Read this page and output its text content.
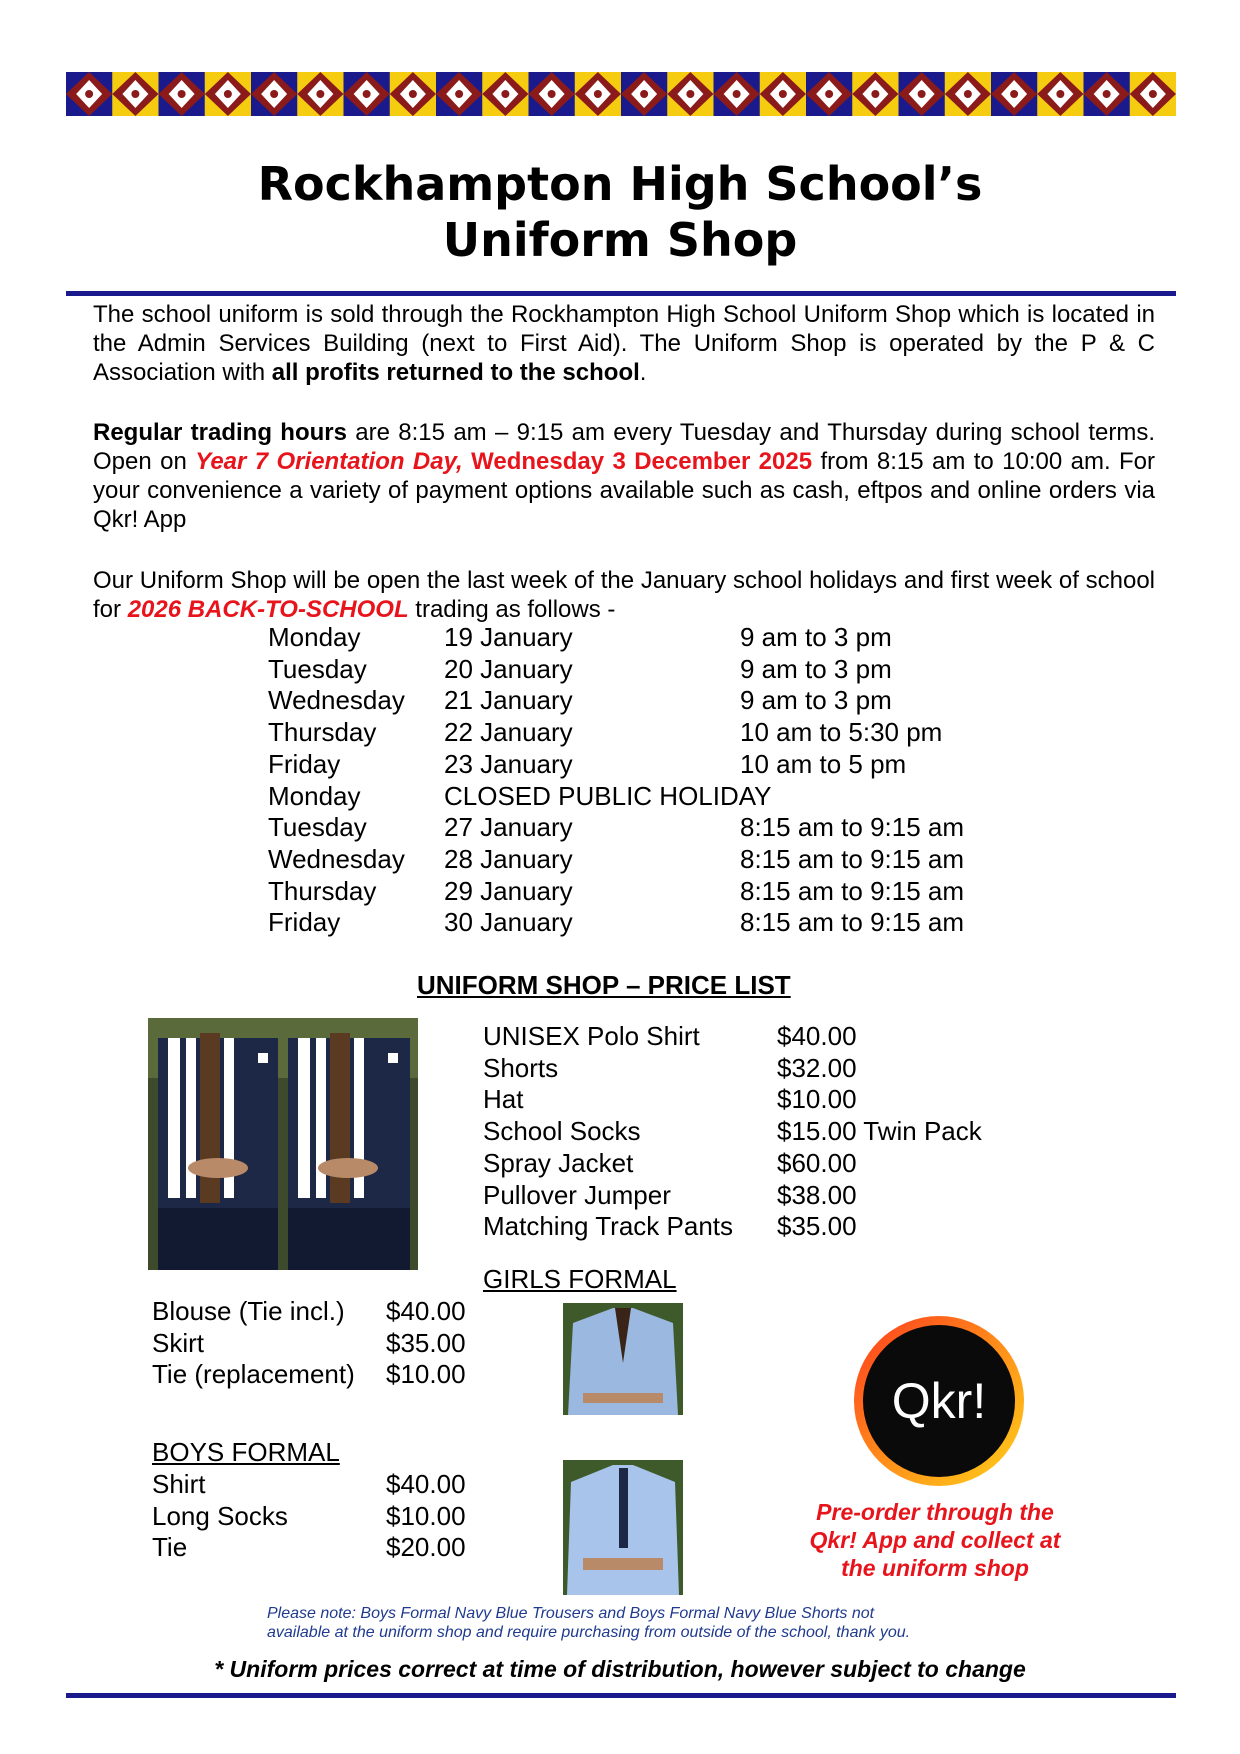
Rockhampton High School’s
Uniform Shop
The school uniform is sold through the Rockhampton High School Uniform Shop which is located in the Admin Services Building (next to First Aid). The Uniform Shop is operated by the P & C Association with all profits returned to the school.
Regular trading hours are 8:15 am – 9:15 am every Tuesday and Thursday during school terms. Open on Year 7 Orientation Day, Wednesday 3 December 2025 from 8:15 am to 10:00 am. For your convenience a variety of payment options available such as cash, eftpos and online orders via Qkr! App
Our Uniform Shop will be open the last week of the January school holidays and first week of school for 2026 BACK-TO-SCHOOL trading as follows -
Monday	19 January	9 am to 3 pm
Tuesday	20 January	9 am to 3 pm
Wednesday 21 January	9 am to 3 pm
Thursday	22 January	10 am to 5:30 pm
Friday	23 January	10 am to 5 pm
Monday	CLOSED PUBLIC HOLIDAY
Tuesday	27 January	8:15 am to 9:15 am
Wednesday 28 January	8:15 am to 9:15 am
Thursday	29 January	8:15 am to 9:15 am
Friday	30 January	8:15 am to 9:15 am
UNIFORM SHOP – PRICE LIST
UNISEX Polo Shirt	$40.00
Shorts	$32.00
Hat	$10.00
School Socks	$15.00 Twin Pack
Spray Jacket	$60.00
Pullover Jumper	$38.00
Matching Track Pants $35.00
GIRLS FORMAL
Blouse (Tie incl.) $40.00
Skirt	$35.00
Tie (replacement) $10.00
BOYS FORMAL
Shirt	$40.00
Long Socks	$10.00
Tie	$20.00
Qkr!
Pre-order through the
Qkr! App and collect at
the uniform shop
Please note: Boys Formal Navy Blue Trousers and Boys Formal Navy Blue Shorts not
available at the uniform shop and require purchasing from outside of the school, thank you.
* Uniform prices correct at time of distribution, however subject to change
